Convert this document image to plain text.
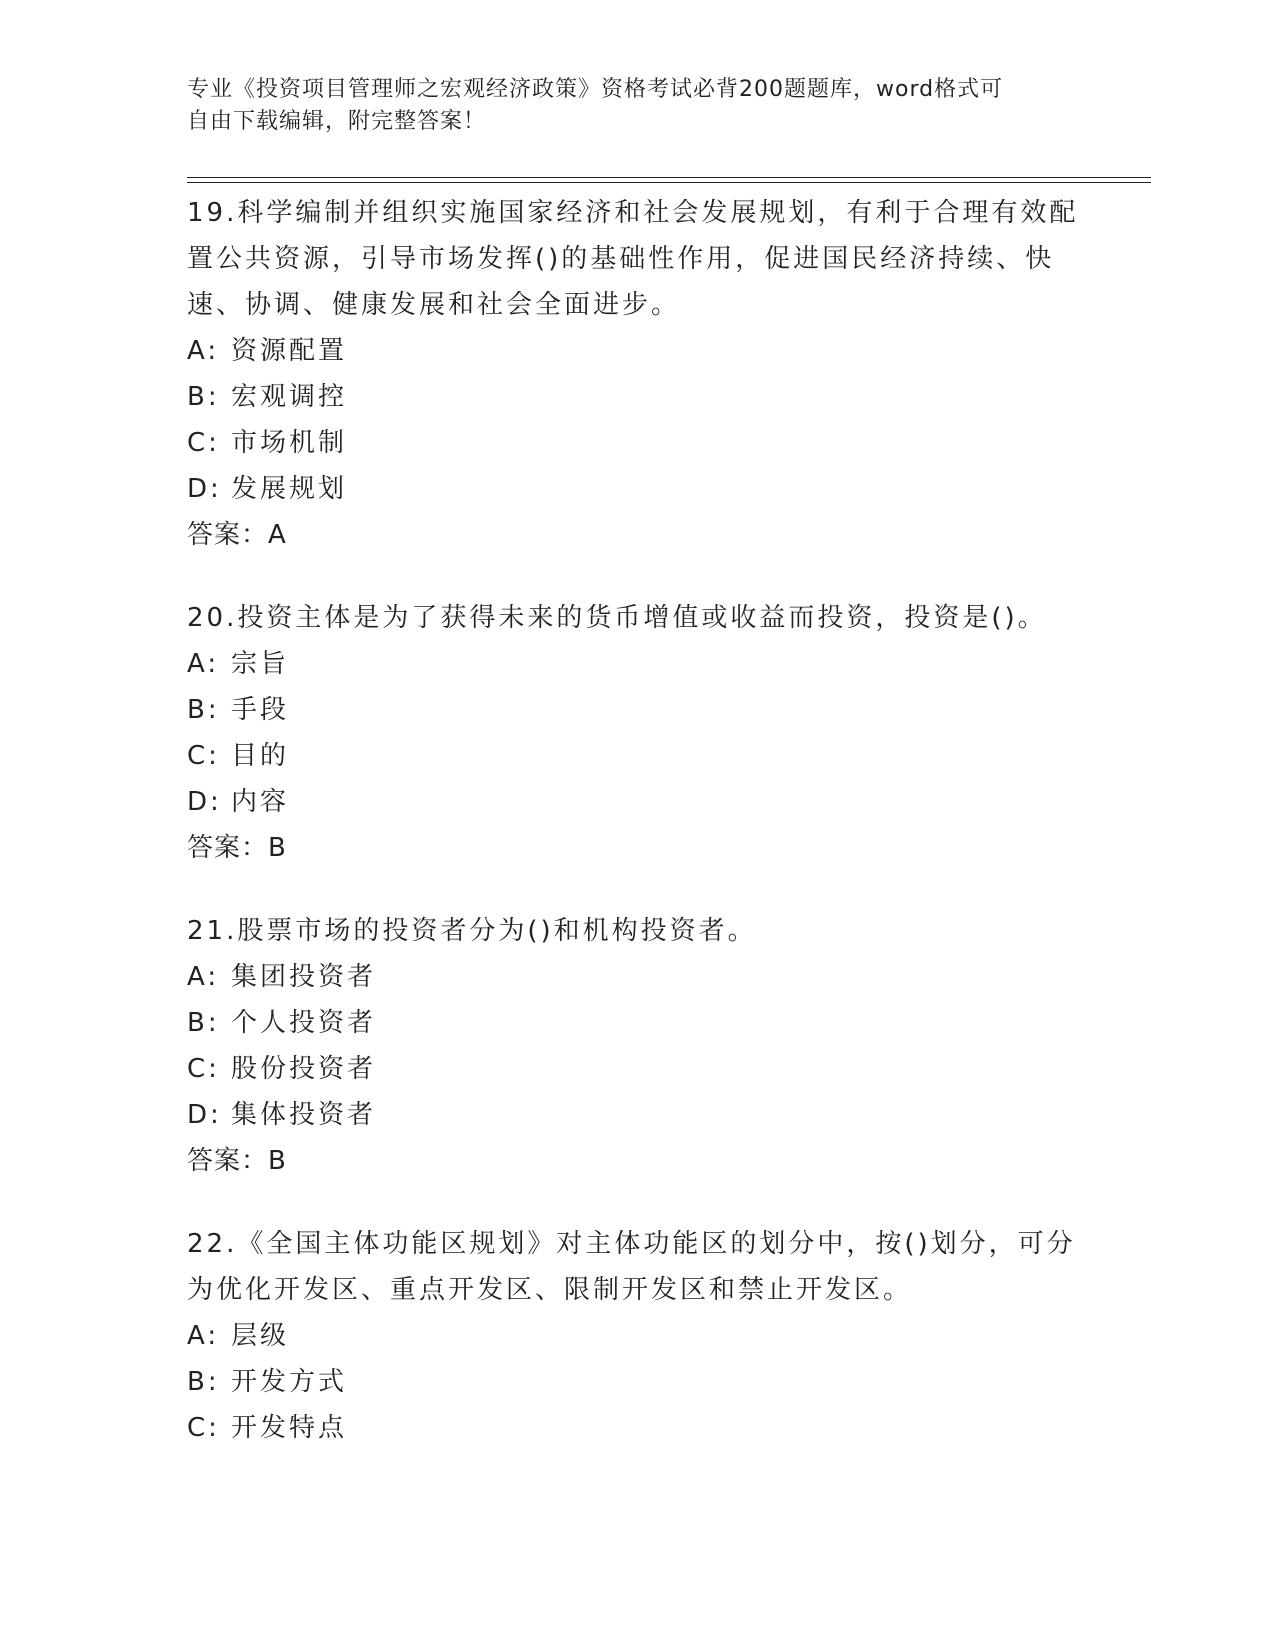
专业《投资项目管理师之宏观经济政策》资格考试必背200题题库，word格式可
自由下载编辑，附完整答案！
19.科学编制并组织实施国家经济和社会发展规划，有利于合理有效配
置公共资源，引导市场发挥()的基础性作用，促进国民经济持续、快
速、协调、健康发展和社会全面进步。
A: 资源配置
B: 宏观调控
C: 市场机制
D: 发展规划
答案：A
20.投资主体是为了获得未来的货币增值或收益而投资，投资是()。
A: 宗旨
B: 手段
C: 目的
D: 内容
答案：B
21.股票市场的投资者分为()和机构投资者。
A: 集团投资者
B: 个人投资者
C: 股份投资者
D: 集体投资者
答案：B
22.《全国主体功能区规划》对主体功能区的划分中，按()划分，可分
为优化开发区、重点开发区、限制开发区和禁止开发区。
A: 层级
B: 开发方式
C: 开发特点
